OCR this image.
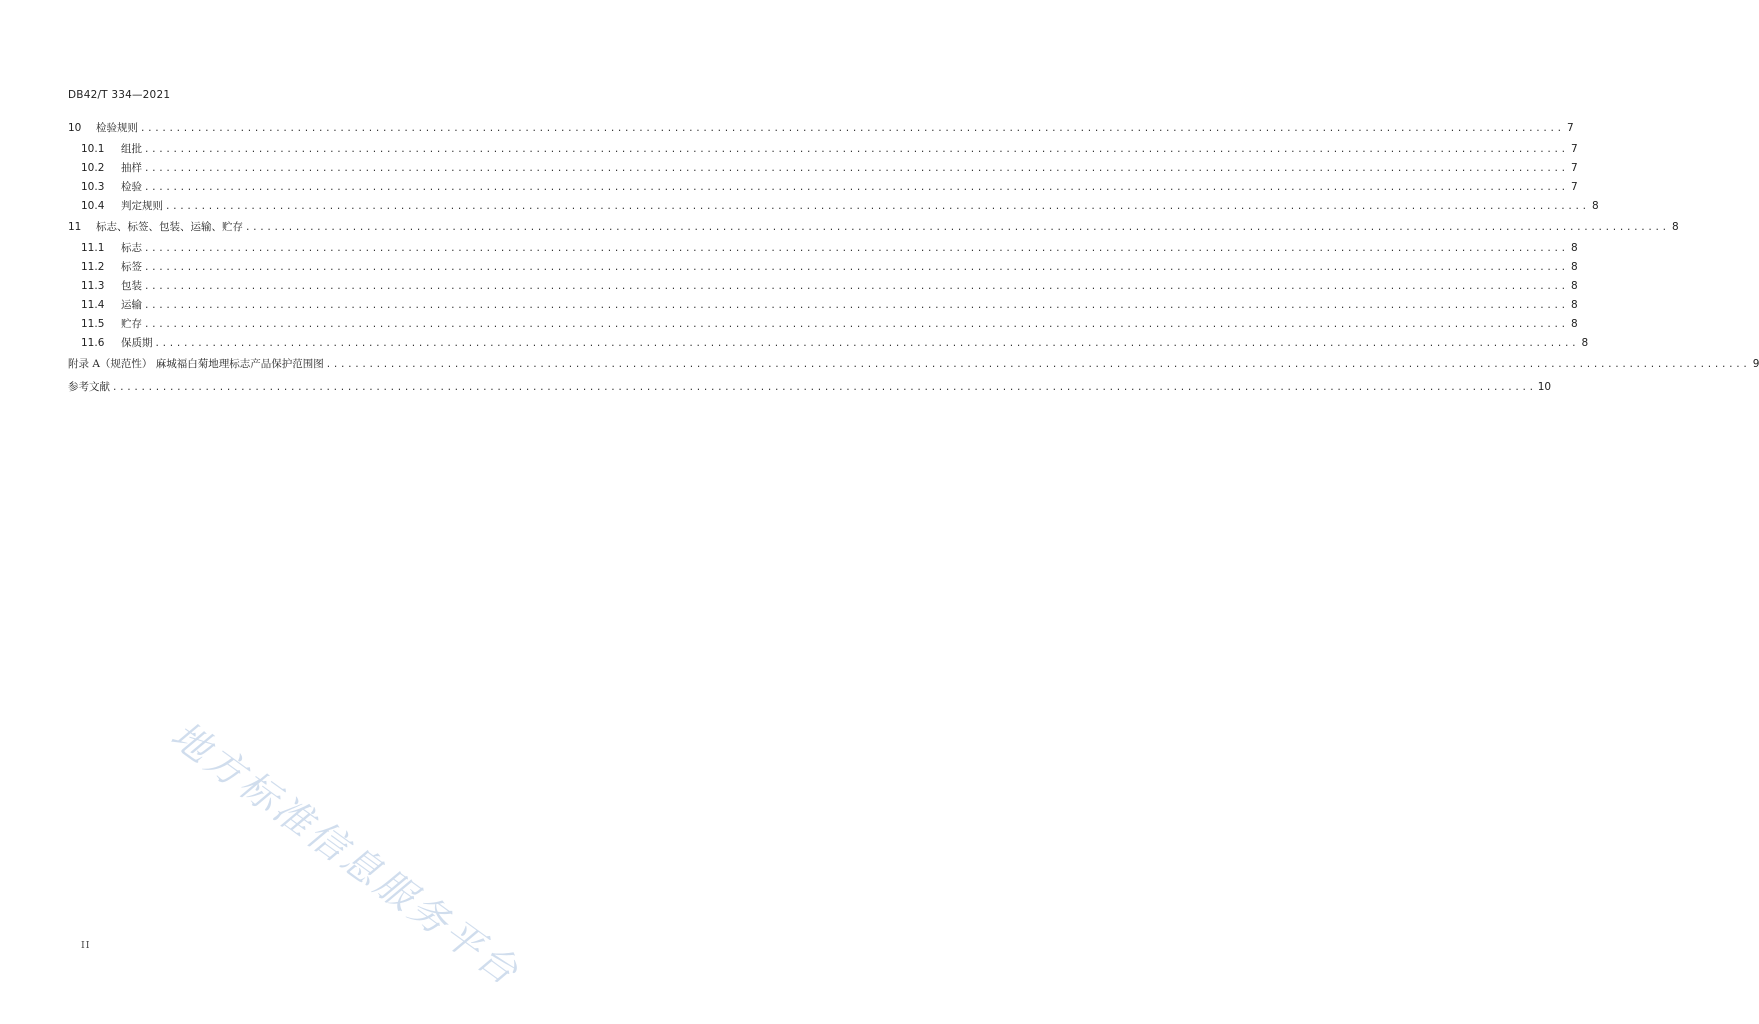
DB42/T 334—2021
10	检验规则 ........................................................................................................................................................................................................ 7
10.1	组批 ........................................................................................................................................................................................................ 7
10.2	抽样 ........................................................................................................................................................................................................ 7
10.3	检验 ........................................................................................................................................................................................................ 7
10.4	判定规则 ........................................................................................................................................................................................................ 8
11	标志、标签、包装、运输、贮存 ........................................................................................................................................................................................................ 8
11.1	标志 ........................................................................................................................................................................................................ 8
11.2	标签 ........................................................................................................................................................................................................ 8
11.3	包装 ........................................................................................................................................................................................................ 8
11.4	运输 ........................................................................................................................................................................................................ 8
11.5	贮存 ........................................................................................................................................................................................................ 8
11.6	保质期 ........................................................................................................................................................................................................ 8
附录 A（规范性） 麻城福白菊地理标志产品保护范围图 ........................................................................................................................................................................................................ 9
参考文献 ........................................................................................................................................................................................................ 10
II 地方标准信息服务平台
